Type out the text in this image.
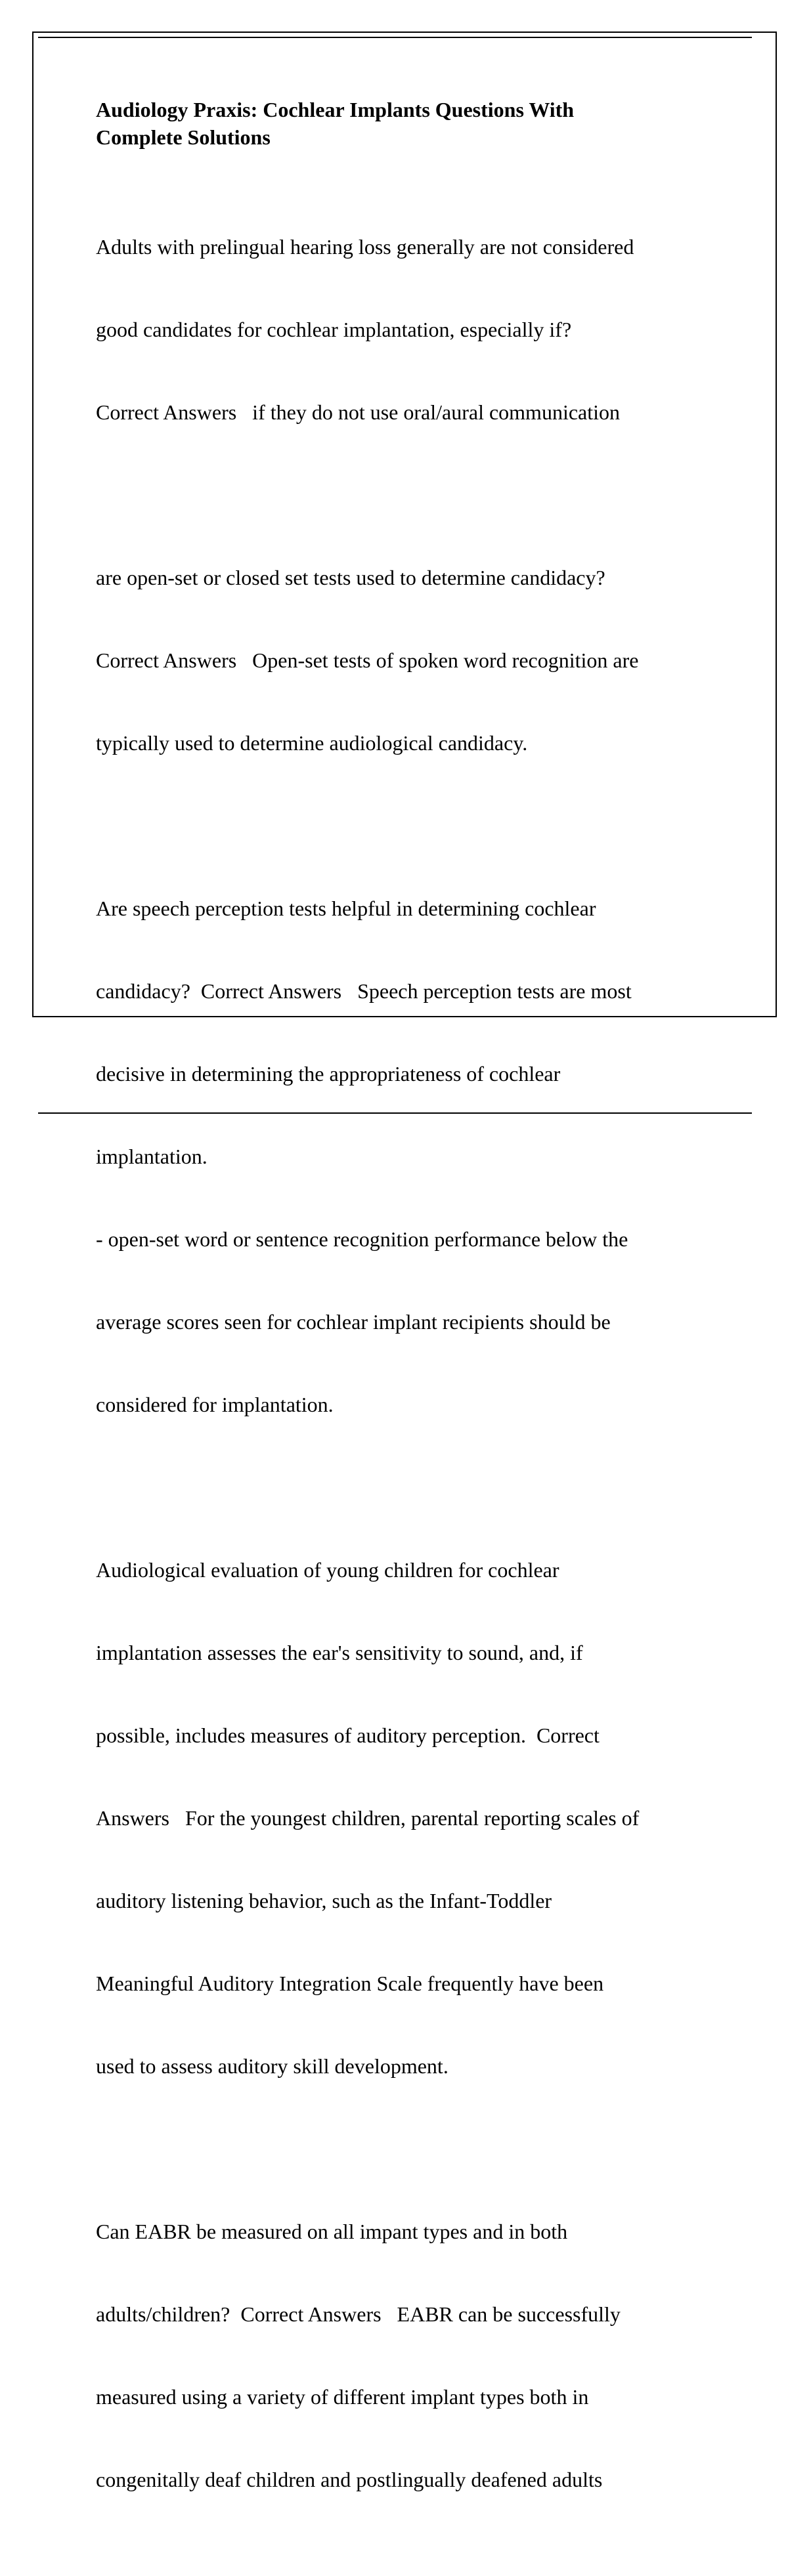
Audiology Praxis: Cochlear Implants Questions With
Complete Solutions

Adults with prelingual hearing loss generally are not considered

good candidates for cochlear implantation, especially if?

Correct Answers   if they do not use oral/aural communication

are open-set or closed set tests used to determine candidacy?

Correct Answers   Open-set tests of spoken word recognition are

typically used to determine audiological candidacy.

Are speech perception tests helpful in determining cochlear

candidacy?  Correct Answers   Speech perception tests are most

decisive in determining the appropriateness of cochlear

implantation.

- open-set word or sentence recognition performance below the

average scores seen for cochlear implant recipients should be

considered for implantation.

Audiological evaluation of young children for cochlear

implantation assesses the ear's sensitivity to sound, and, if

possible, includes measures of auditory perception.  Correct

Answers   For the youngest children, parental reporting scales of

auditory listening behavior, such as the Infant-Toddler

Meaningful Auditory Integration Scale frequently have been

used to assess auditory skill development.

Can EABR be measured on all impant types and in both

adults/children?  Correct Answers   EABR can be successfully

measured using a variety of different implant types both in

congenitally deaf children and postlingually deafened adults
